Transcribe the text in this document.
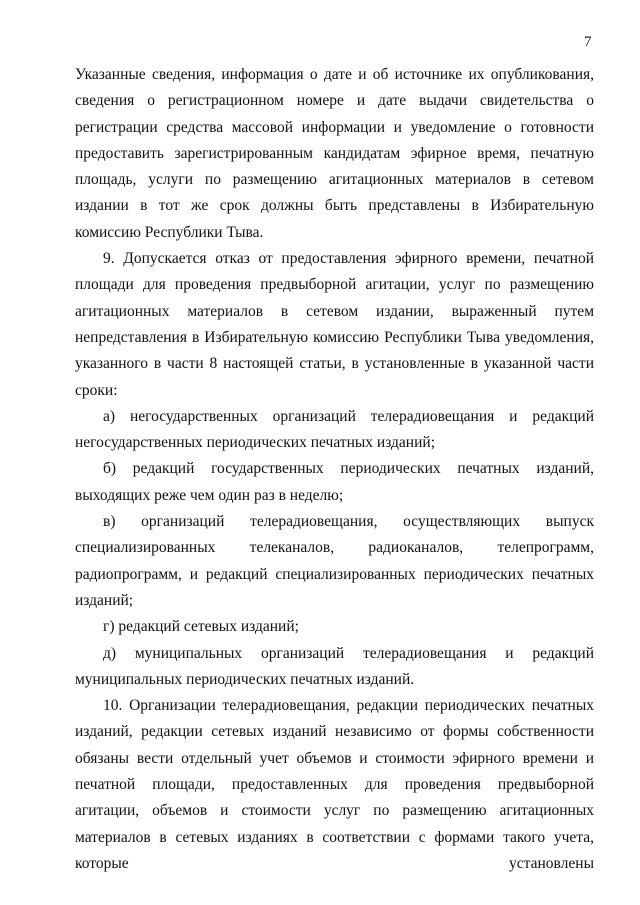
7

Указанные сведения, информация о дате и об источнике их опубликования, сведения о регистрационном номере и дате выдачи свидетельства о регистрации средства массовой информации и уведомление о готовности предоставить зарегистрированным кандидатам эфирное время, печатную площадь, услуги по размещению агитационных материалов в сетевом издании в тот же срок должны быть представлены в Избирательную комиссию Республики Тыва.

9. Допускается отказ от предоставления эфирного времени, печатной площади для проведения предвыборной агитации, услуг по размещению агитационных материалов в сетевом издании, выраженный путем непредставления в Избирательную комиссию Республики Тыва уведомления, указанного в части 8 настоящей статьи, в установленные в указанной части сроки:

а) негосударственных организаций телерадиовещания и редакций негосударственных периодических печатных изданий;

б) редакций государственных периодических печатных изданий, выходящих реже чем один раз в неделю;

в) организаций телерадиовещания, осуществляющих выпуск специализированных телеканалов, радиоканалов, телепрограмм, радиопрограмм, и редакций специализированных периодических печатных изданий;

г) редакций сетевых изданий;

д) муниципальных организаций телерадиовещания и редакций муниципальных периодических печатных изданий.

10. Организации телерадиовещания, редакции периодических печатных изданий, редакции сетевых изданий независимо от формы собственности обязаны вести отдельный учет объемов и стоимости эфирного времени и печатной площади, предоставленных для проведения предвыборной агитации, объемов и стоимости услуг по размещению агитационных материалов в сетевых изданиях в соответствии с формами такого учета, которые установлены
